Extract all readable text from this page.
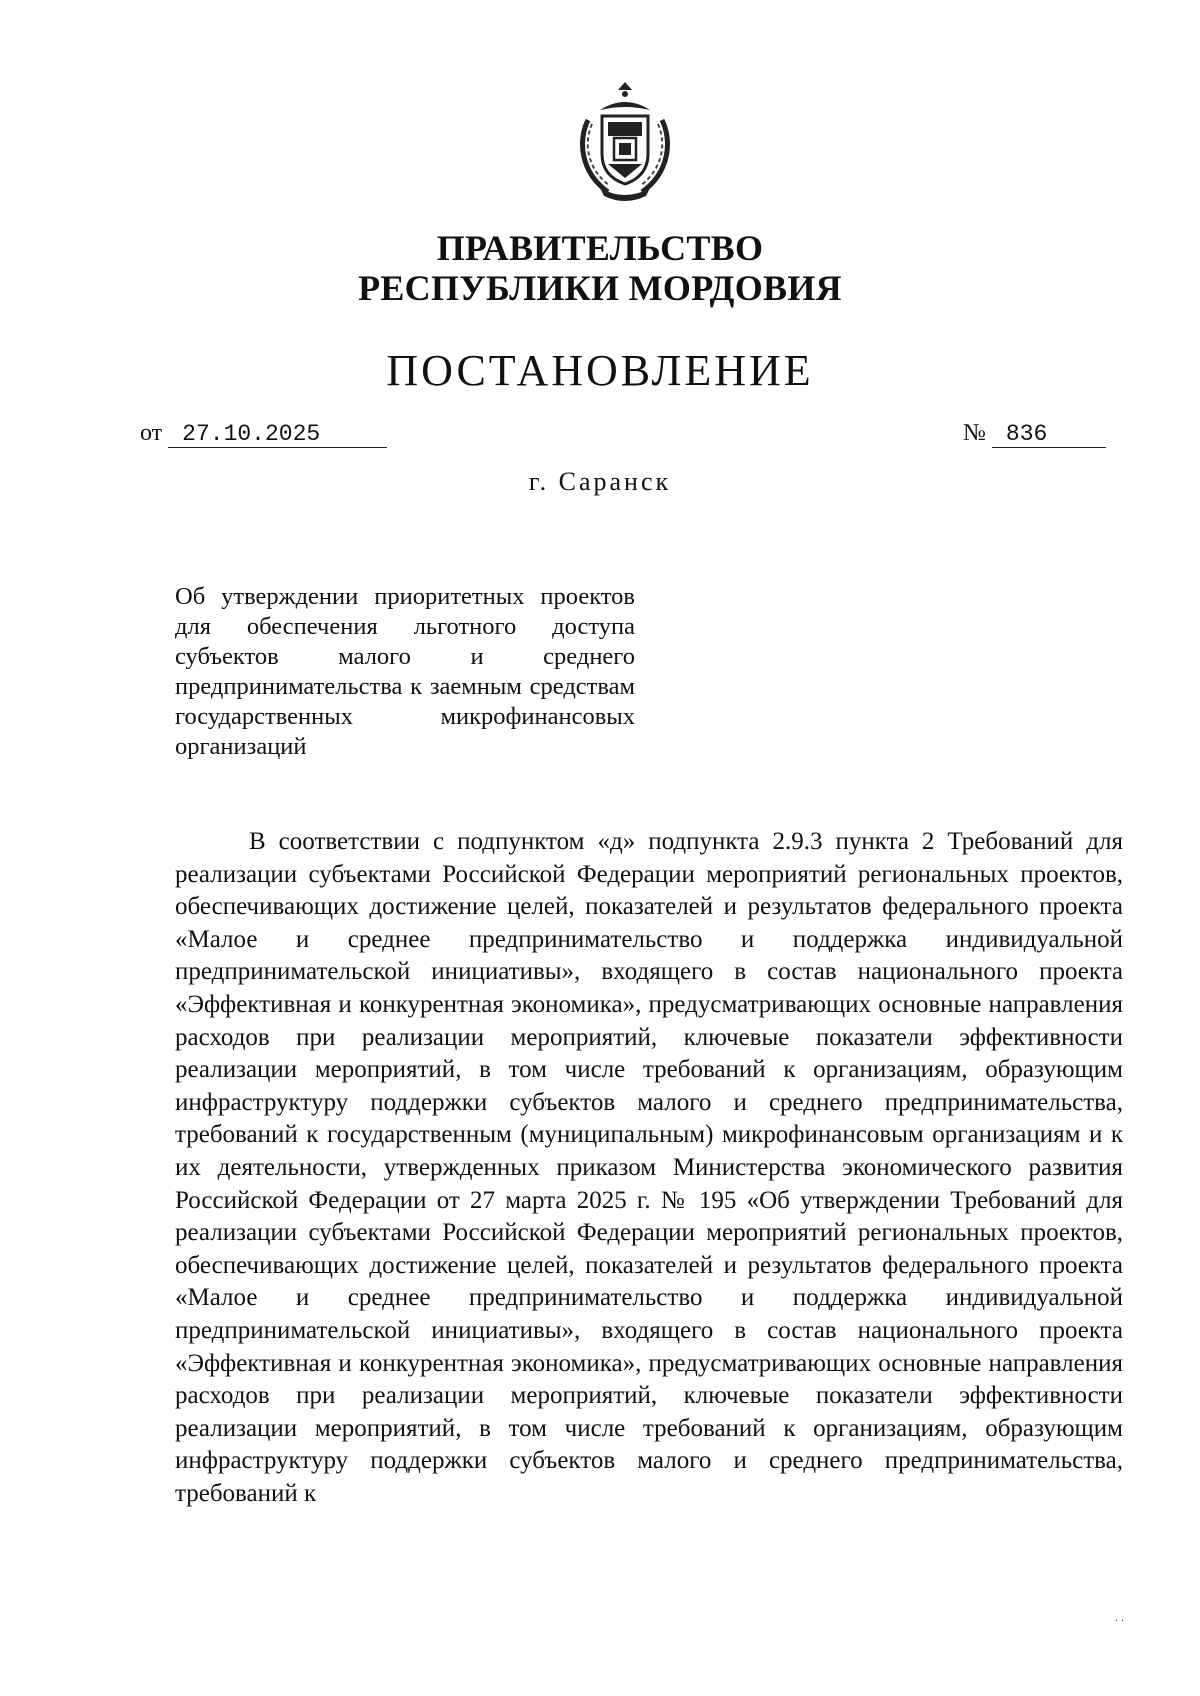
ПРАВИТЕЛЬСТВО
РЕСПУБЛИКИ МОРДОВИЯ
ПОСТАНОВЛЕНИЕ
от 27.10.2025	№ 836
г. Саранск
Об утверждении приоритетных проектов для обеспечения льготного доступа субъектов малого и среднего предпринимательства к заемным средствам государственных микрофинансовых организаций

В соответствии с подпунктом «д» подпункта 2.9.3 пункта 2 Требований для реализации субъектами Российской Федерации мероприятий региональных проектов, обеспечивающих достижение целей, показателей и результатов федерального проекта «Малое и среднее предпринимательство и поддержка индивидуальной предпринимательской инициативы», входящего в состав национального проекта «Эффективная и конкурентная экономика», предусматривающих основные направления расходов при реализации мероприятий, ключевые показатели эффективности реализации мероприятий, в том числе требований к организациям, образующим инфраструктуру поддержки субъектов малого и среднего предпринимательства, требований к государственным (муниципальным) микрофинансовым организациям и к их деятельности, утвержденных приказом Министерства экономического развития Российской Федерации от 27 марта 2025 г. № 195 «Об утверждении Требований для реализации субъектами Российской Федерации мероприятий региональных проектов, обеспечивающих достижение целей, показателей и результатов федерального проекта «Малое и среднее предпринимательство и поддержка индивидуальной предпринимательской инициативы», входящего в состав национального проекта «Эффективная и конкурентная экономика», предусматривающих основные направления расходов при реализации мероприятий, ключевые показатели эффективности реализации мероприятий, в том числе требований к организациям, образующим инфраструктуру поддержки субъектов малого и среднего предпринимательства, требований к

. .
